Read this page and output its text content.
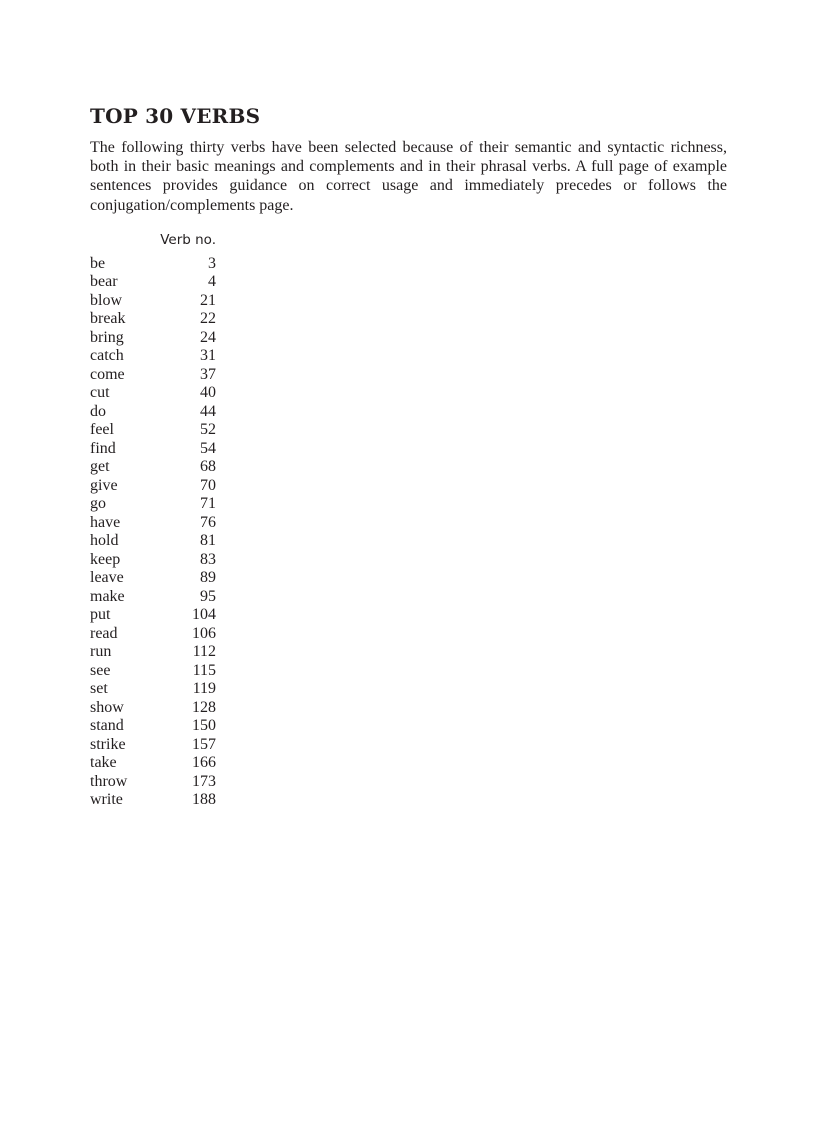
TOP 30 VERBS

The following thirty verbs have been selected because of their semantic and syntactic richness, both in their basic meanings and complements and in their phrasal verbs. A full page of example sentences provides guidance on correct usage and immediately precedes or follows the conjugation/complements page.

Verb no.
be	3
bear	4
blow	21
break	22
bring	24
catch	31
come	37
cut	40
do	44
feel	52
find	54
get	68
give	70
go	71
have	76
hold	81
keep	83
leave	89
make	95
put	104
read	106
run	112
see	115
set	119
show	128
stand	150
strike	157
take	166
throw	173
write	188
